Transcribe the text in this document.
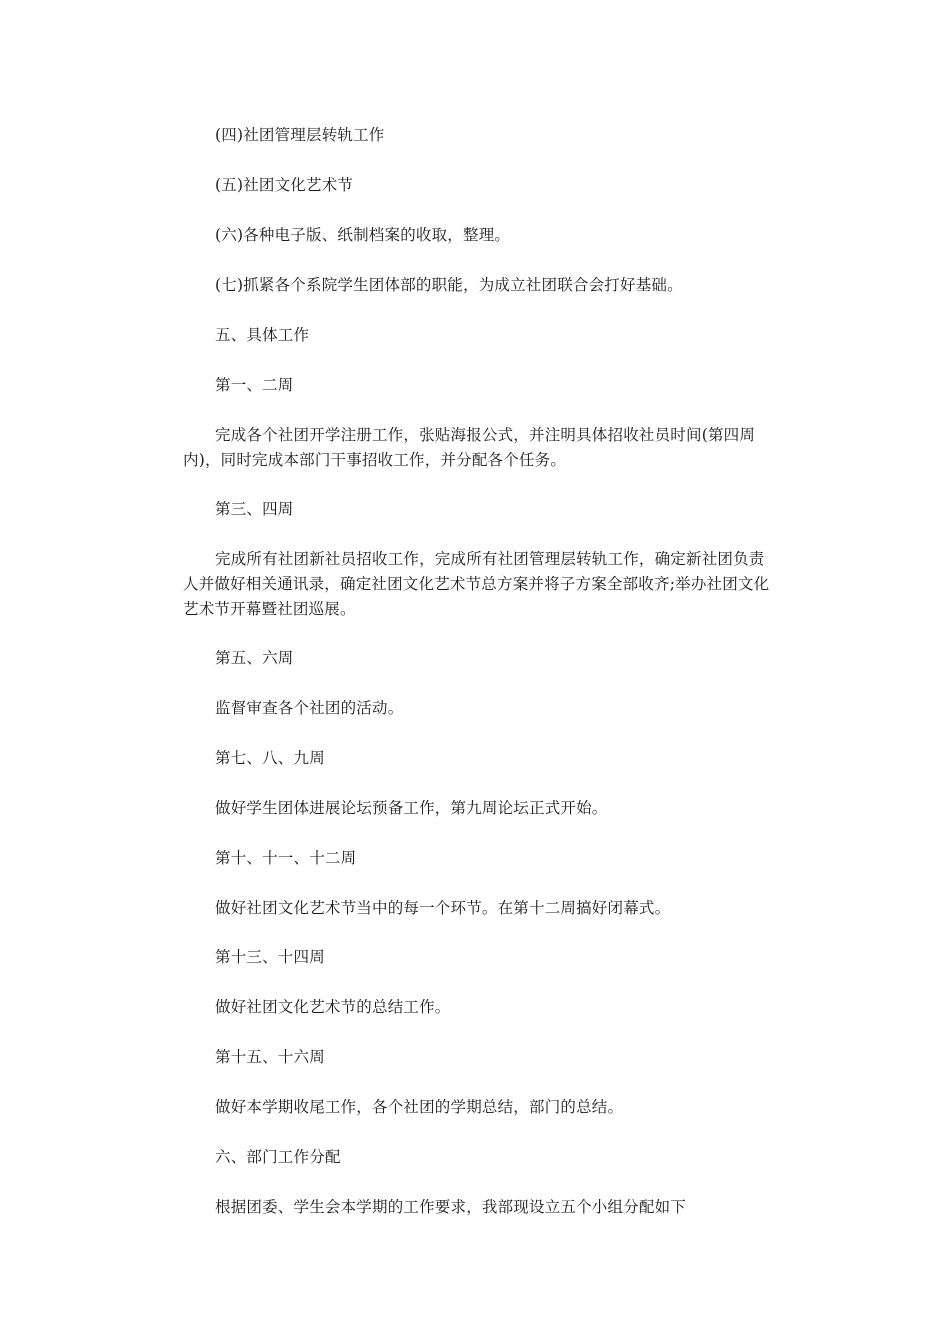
(四)社团管理层转轨工作

(五)社团文化艺术节

(六)各种电子版、纸制档案的收取，整理。

(七)抓紧各个系院学生团体部的职能，为成立社团联合会打好基础。

五、具体工作

第一、二周

完成各个社团开学注册工作，张贴海报公式，并注明具体招收社员时间(第四周内)，同时完成本部门干事招收工作，并分配各个任务。

第三、四周

完成所有社团新社员招收工作，完成所有社团管理层转轨工作，确定新社团负责人并做好相关通讯录，确定社团文化艺术节总方案并将子方案全部收齐;举办社团文化艺术节开幕暨社团巡展。

第五、六周

监督审查各个社团的活动。

第七、八、九周

做好学生团体进展论坛预备工作，第九周论坛正式开始。

第十、十一、十二周

做好社团文化艺术节当中的每一个环节。在第十二周搞好闭幕式。

第十三、十四周

做好社团文化艺术节的总结工作。

第十五、十六周

做好本学期收尾工作，各个社团的学期总结，部门的总结。

六、部门工作分配

根据团委、学生会本学期的工作要求，我部现设立五个小组分配如下
